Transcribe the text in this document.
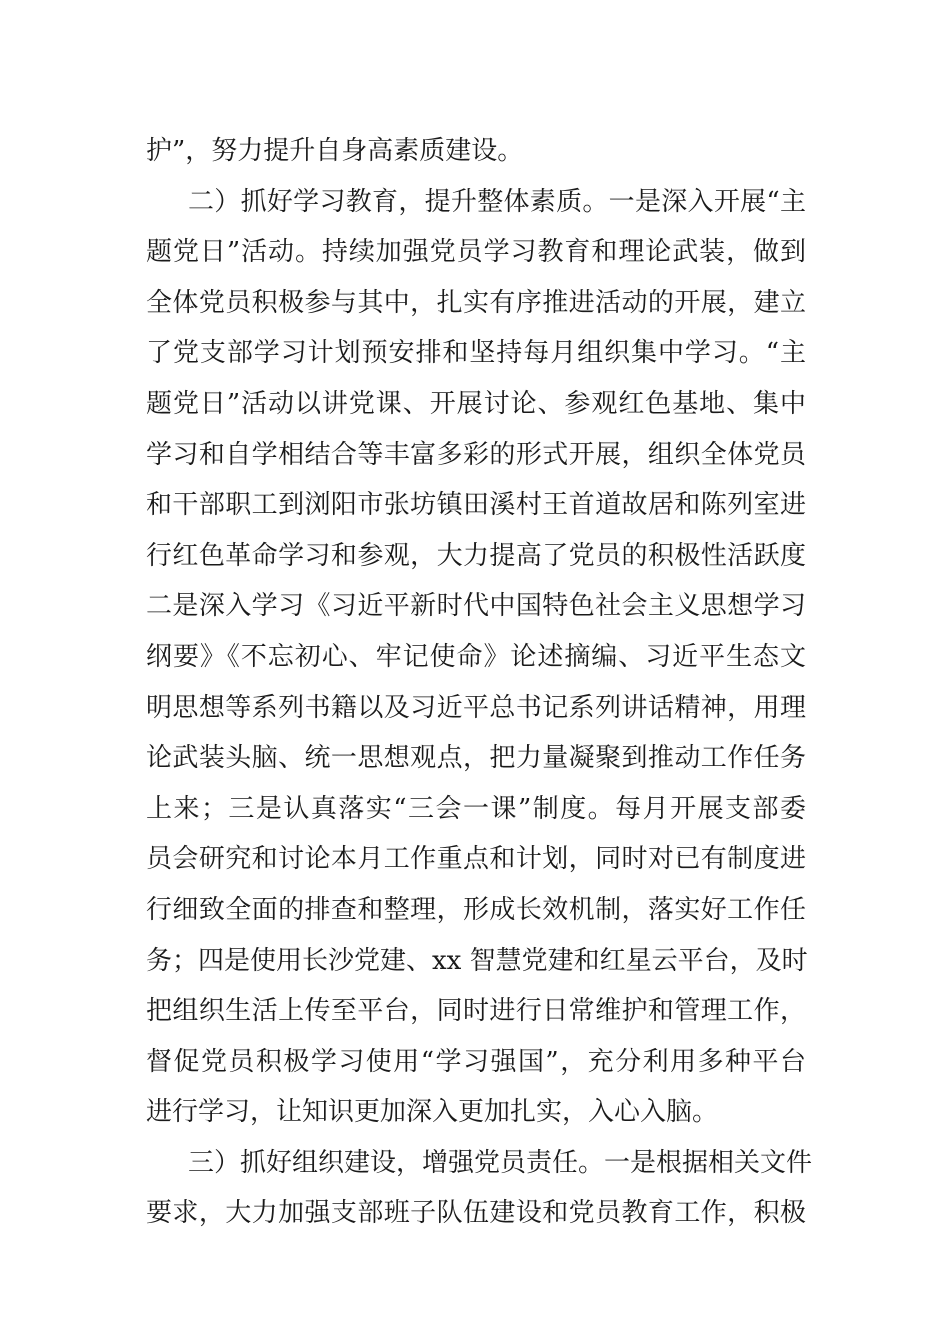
护”，努力提升自身高素质建设。
二）抓好学习教育，提升整体素质。一是深入开展“主
题党日”活动。持续加强党员学习教育和理论武装，做到
全体党员积极参与其中，扎实有序推进活动的开展，建立
了党支部学习计划预安排和坚持每月组织集中学习。“主
题党日”活动以讲党课、开展讨论、参观红色基地、集中
学习和自学相结合等丰富多彩的形式开展，组织全体党员
和干部职工到浏阳市张坊镇田溪村王首道故居和陈列室进
行红色革命学习和参观，大力提高了党员的积极性活跃度
二是深入学习《习近平新时代中国特色社会主义思想学习
纲要》《不忘初心、牢记使命》论述摘编、习近平生态文
明思想等系列书籍以及习近平总书记系列讲话精神，用理
论武装头脑、统一思想观点，把力量凝聚到推动工作任务
上来；三是认真落实“三会一课”制度。每月开展支部委
员会研究和讨论本月工作重点和计划，同时对已有制度进
行细致全面的排查和整理，形成长效机制，落实好工作任
务；四是使用长沙党建、xx 智慧党建和红星云平台，及时
把组织生活上传至平台，同时进行日常维护和管理工作，
督促党员积极学习使用“学习强国”，充分利用多种平台
进行学习，让知识更加深入更加扎实，入心入脑。
三）抓好组织建设，增强党员责任。一是根据相关文件
要求，大力加强支部班子队伍建设和党员教育工作，积极
